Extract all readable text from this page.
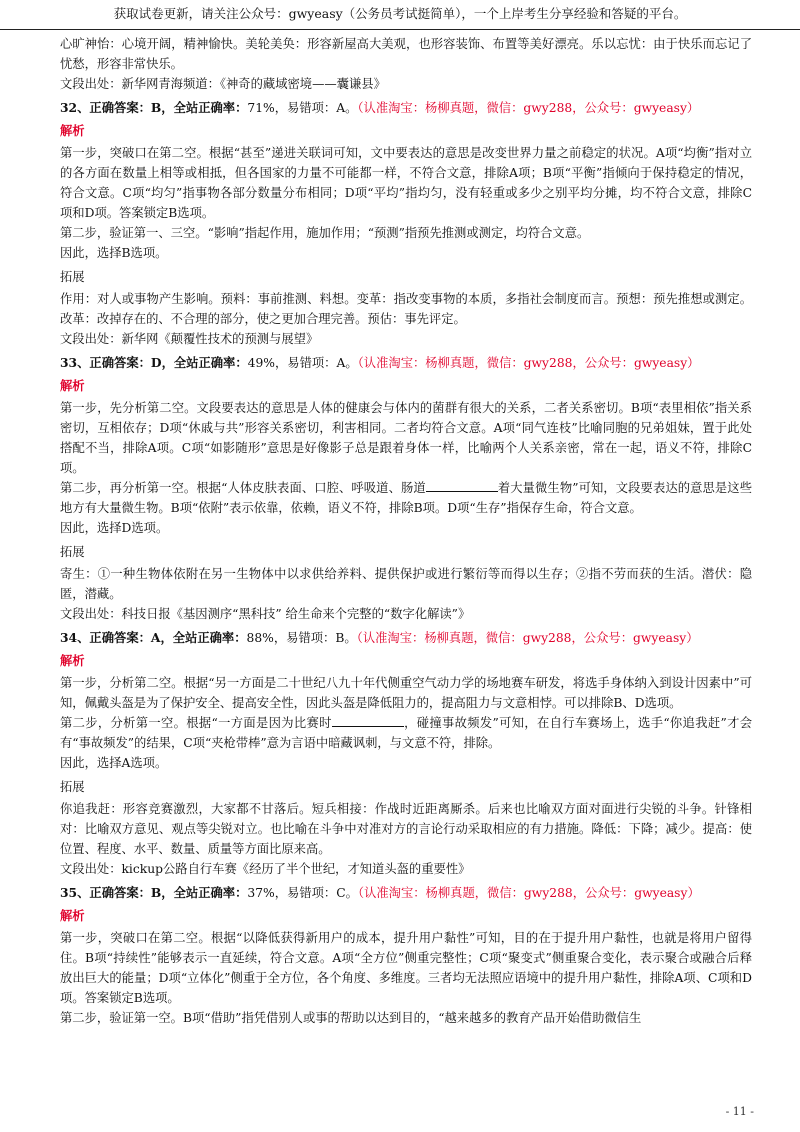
获取试卷更新，请关注公众号：gwyeasy（公务员考试挺简单），一个上岸考生分享经验和答疑的平台。

心旷神怡：心境开阔，精神愉快。美轮美奂：形容新屋高大美观，也形容装饰、布置等美好漂亮。乐以忘忧：由于快乐而忘记了忧愁，形容非常快乐。

文段出处：新华网青海频道：《神奇的藏域密境——囊谦县》

32、正确答案：B，全站正确率：71%，易错项：A。（认准淘宝：杨柳真题，微信：gwy288，公众号：gwyeasy）

解析

第一步，突破口在第二空。根据“甚至”递进关联词可知，文中要表达的意思是改变世界力量之前稳定的状况。A项“均衡”指对立的各方面在数量上相等或相抵，但各国家的力量不可能都一样，不符合文意，排除A项；B项“平衡”指倾向于保持稳定的情况，符合文意。C项“均匀”指事物各部分数量分布相同；D项“平均”指均匀，没有轻重或多少之别平均分摊，均不符合文意，排除C项和D项。答案锁定B选项。

第二步，验证第一、三空。“影响”指起作用，施加作用；“预测”指预先推测或测定，均符合文意。

因此，选择B选项。

拓展

作用：对人或事物产生影响。预料：事前推测、料想。变革：指改变事物的本质，多指社会制度而言。预想：预先推想或测定。改革：改掉存在的、不合理的部分，使之更加合理完善。预估：事先评定。

文段出处：新华网《颠覆性技术的预测与展望》

33、正确答案：D，全站正确率：49%，易错项：A。（认准淘宝：杨柳真题，微信：gwy288，公众号：gwyeasy）

解析

第一步，先分析第二空。文段要表达的意思是人体的健康会与体内的菌群有很大的关系，二者关系密切。B项“表里相依”指关系密切，互相依存；D项“休戚与共”形容关系密切，利害相同。二者均符合文意。A项“同气连枝”比喻同胞的兄弟姐妹，置于此处搭配不当，排除A项。C项“如影随形”意思是好像影子总是跟着身体一样，比喻两个人关系亲密，常在一起，语义不符，排除C项。

第二步，再分析第一空。根据“人体皮肤表面、口腔、呼吸道、肠道	着大量微生物”可知，文段要表达的意思是这些地方有大量微生物。B项“依附”表示依靠，依赖，语义不符，排除B项。D项“生存”指保存生命，符合文意。

因此，选择D选项。

拓展

寄生：①一种生物体依附在另一生物体中以求供给养料、提供保护或进行繁衍等而得以生存；②指不劳而获的生活。潜伏：隐匿，潜藏。

文段出处：科技日报《基因测序“黑科技” 给生命来个完整的“数字化解读”》

34、正确答案：A，全站正确率：88%，易错项：B。（认准淘宝：杨柳真题，微信：gwy288，公众号：gwyeasy）

解析

第一步，分析第二空。根据“另一方面是二十世纪八九十年代侧重空气动力学的场地赛车研发，将选手身体纳入到设计因素中”可知，佩戴头盔是为了保护安全、提高安全性，因此头盔是降低阻力的，提高阻力与文意相悖。可以排除B、D选项。

第二步，分析第一空。根据“一方面是因为比赛时	，碰撞事故频发”可知，在自行车赛场上，选手“你追我赶”才会有“事故频发”的结果，C项“夹枪带棒”意为言语中暗藏讽刺，与文意不符，排除。

因此，选择A选项。

拓展

你追我赶：形容竞赛激烈，大家都不甘落后。短兵相接：作战时近距离厮杀。后来也比喻双方面对面进行尖锐的斗争。针锋相对：比喻双方意见、观点等尖锐对立。也比喻在斗争中对准对方的言论行动采取相应的有力措施。降低：下降；减少。提高：使位置、程度、水平、数量、质量等方面比原来高。

文段出处：kickup公路自行车赛《经历了半个世纪，才知道头盔的重要性》

35、正确答案：B，全站正确率：37%，易错项：C。（认准淘宝：杨柳真题，微信：gwy288，公众号：gwyeasy）

解析

第一步，突破口在第二空。根据“以降低获得新用户的成本，提升用户黏性”可知，目的在于提升用户黏性，也就是将用户留得住。B项“持续性”能够表示一直延续，符合文意。A项“全方位”侧重完整性；C项“聚变式”侧重聚合变化，表示聚合或融合后释放出巨大的能量；D项“立体化”侧重于全方位，各个角度、多维度。三者均无法照应语境中的提升用户黏性，排除A项、C项和D项。答案锁定B选项。

第二步，验证第一空。B项“借助”指凭借别人或事的帮助以达到目的，“越来越多的教育产品开始借助微信生

- 11 -
